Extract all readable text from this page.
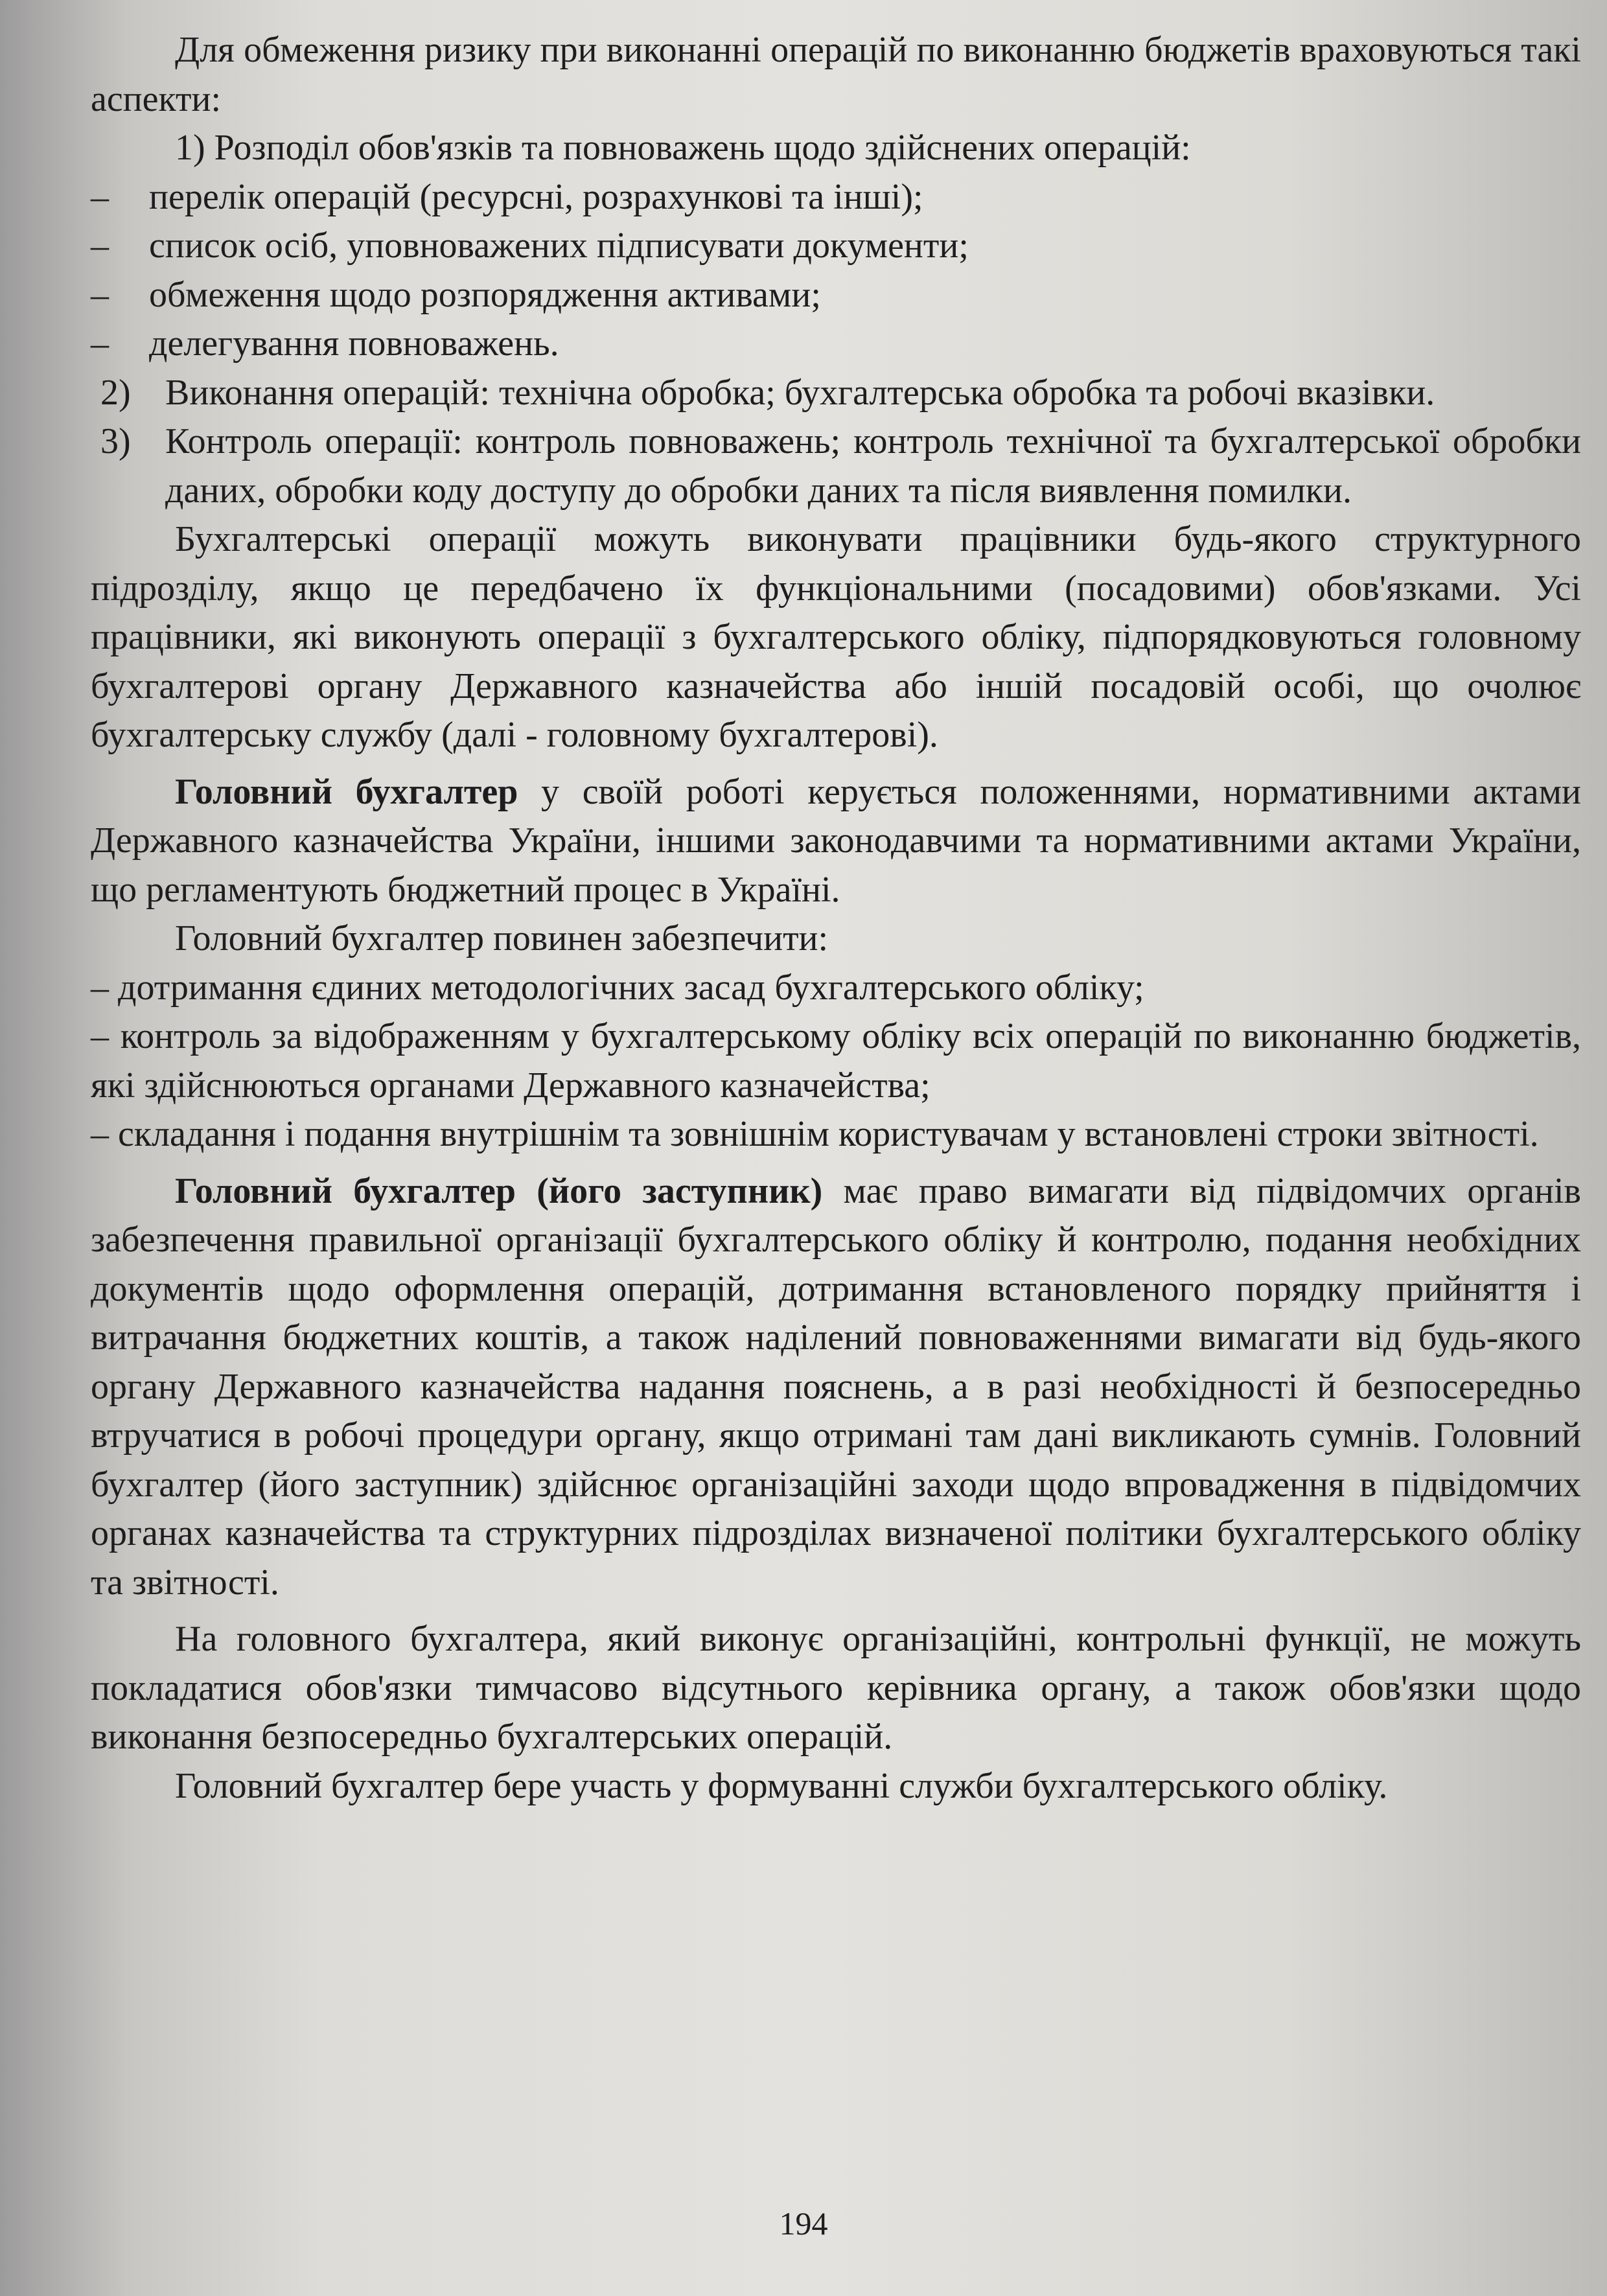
Для обмеження ризику при виконанні операцій по виконанню бюджетів враховуються такі аспекти:

1) Розподіл обов'язків та повноважень щодо здійснених операцій:

– перелік операцій (ресурсні, розрахункові та інші);

– список осіб, уповноважених підписувати документи;

– обмеження щодо розпорядження активами;

– делегування повноважень.

2) Виконання операцій: технічна обробка; бухгалтерська обробка та робочі вказівки.

3) Контроль операції: контроль повноважень; контроль технічної та бухгалтерської обробки даних, обробки коду доступу до обробки даних та після виявлення помилки.

Бухгалтерські операції можуть виконувати працівники будь-якого структурного підрозділу, якщо це передбачено їх функціональними (посадовими) обов'язками. Усі працівники, які виконують операції з бухгалтерського обліку, підпорядковуються головному бухгалтерові органу Державного казначейства або іншій посадовій особі, що очолює бухгалтерську службу (далі - головному бухгалтерові).

Головний бухгалтер у своїй роботі керується положеннями, нормативними актами Державного казначейства України, іншими законодавчими та нормативними актами України, що регламентують бюджетний процес в Україні.

Головний бухгалтер повинен забезпечити:

– дотримання єдиних методологічних засад бухгалтерського обліку;

– контроль за відображенням у бухгалтерському обліку всіх операцій по виконанню бюджетів, які здійснюються органами Державного казначейства;

– складання і подання внутрішнім та зовнішнім користувачам у встановлені строки звітності.

Головний бухгалтер (його заступник) має право вимагати від підвідомчих органів забезпечення правильної організації бухгалтерського обліку й контролю, подання необхідних документів щодо оформлення операцій, дотримання встановленого порядку прийняття і витрачання бюджетних коштів, а також наділений повноваженнями вимагати від будь-якого органу Державного казначейства надання пояснень, а в разі необхідності й безпосередньо втручатися в робочі процедури органу, якщо отримані там дані викликають сумнів. Головний бухгалтер (його заступник) здійснює організаційні заходи щодо впровадження в підвідомчих органах казначейства та структурних підрозділах визначеної політики бухгалтерського обліку та звітності.

На головного бухгалтера, який виконує організаційні, контрольні функції, не можуть покладатися обов'язки тимчасово відсутнього керівника органу, а також обов'язки щодо виконання безпосередньо бухгалтерських операцій.

Головний бухгалтер бере участь у формуванні служби бухгалтерського обліку.

194
